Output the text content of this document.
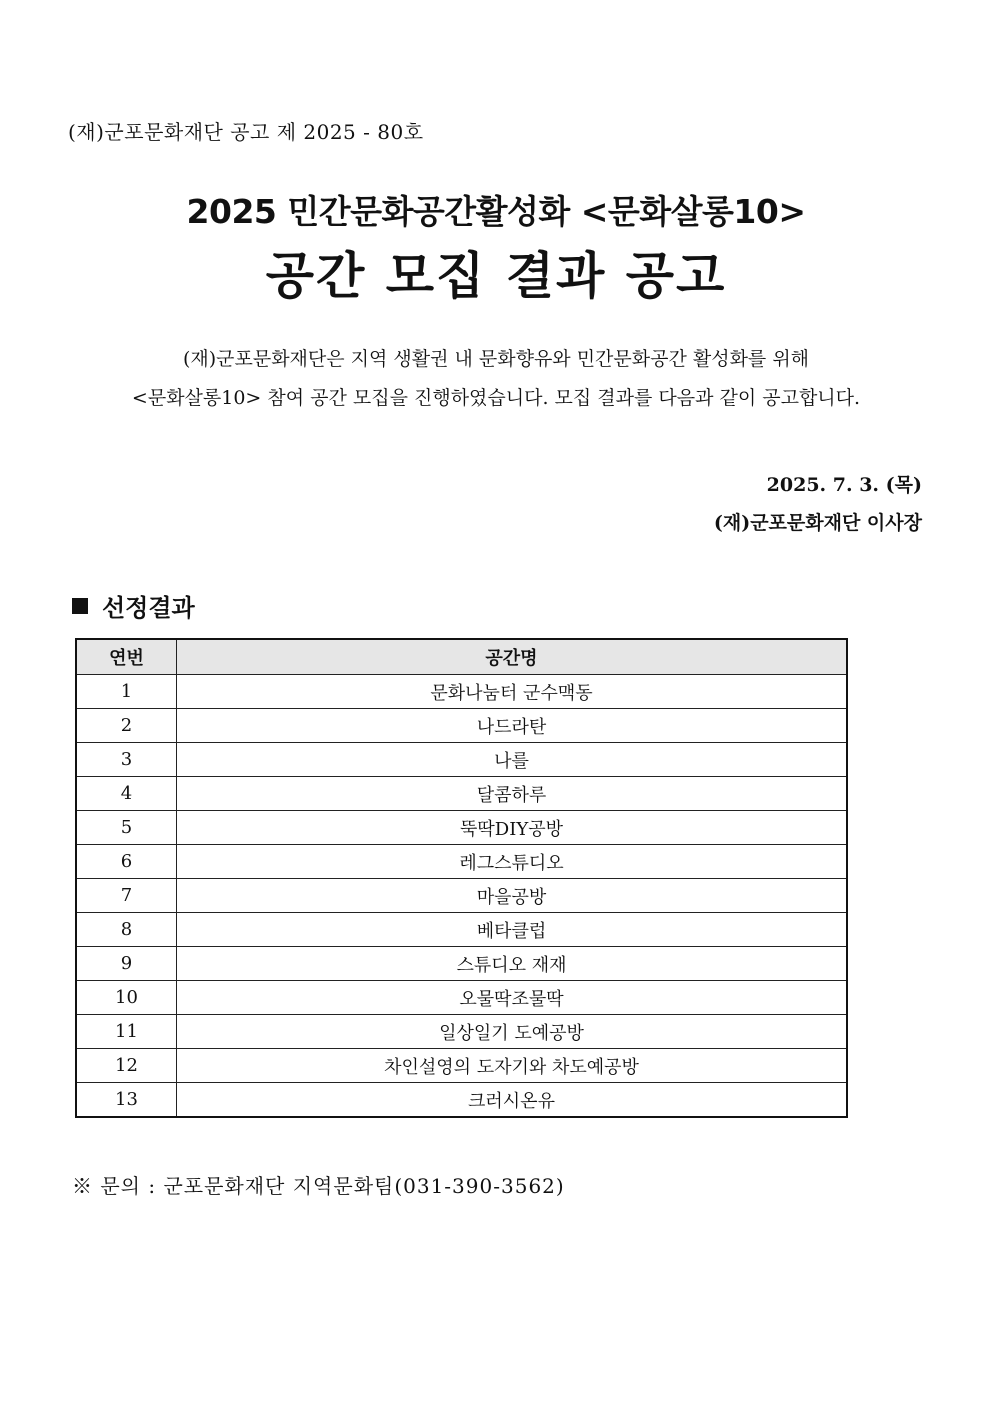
(재)군포문화재단 공고 제 2025 - 80호
2025 민간문화공간활성화 <문화살롱10>
공간 모집 결과 공고
(재)군포문화재단은 지역 생활권 내 문화향유와 민간문화공간 활성화를 위해
<문화살롱10> 참여 공간 모집을 진행하였습니다. 모집 결과를 다음과 같이 공고합니다.
2025. 7. 3. (목)
(재)군포문화재단 이사장
선정결과
연번	공간명
1	문화나눔터 군수맥동
2	나드라탄
3	나를
4	달콤하루
5	뚝딱DIY공방
6	레그스튜디오
7	마을공방
8	베타클럽
9	스튜디오 재재
10	오물딱조물딱
11	일상일기 도예공방
12	차인설영의 도자기와 차도예공방
13	크러시온유
※ 문의 : 군포문화재단 지역문화팀(031-390-3562)
